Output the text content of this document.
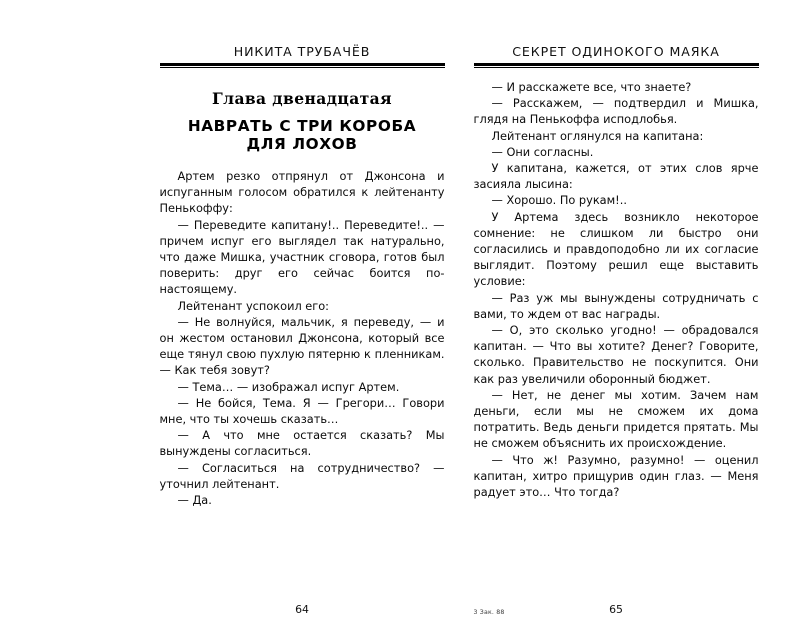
НИКИТА ТРУБАЧЁВ
Глава двенадцатая
НАВРАТЬ С ТРИ КОРОБА
ДЛЯ ЛОХОВ

Артем резко отпрянул от Джонсона и испуганным голосом обратился к лейтенанту Пенькоффу:

— Переведите капитану!.. Переведите!.. — причем испуг его выглядел так натурально, что даже Мишка, участник сговора, готов был поверить: друг его сейчас боится по-настоящему.

Лейтенант успокоил его:

— Не волнуйся, мальчик, я переведу, — и он жестом остановил Джонсона, который все еще тянул свою пухлую пятерню к пленникам. — Как тебя зовут?

— Тема… — изображал испуг Артем.

— Не бойся, Тема. Я — Грегори… Говори мне, что ты хочешь сказать…

— А что мне остается сказать? Мы вынуждены согласиться.

— Согласиться на сотрудничество? — уточнил лейтенант.

— Да.

64
СЕКРЕТ ОДИНОКОГО МАЯКА

— И расскажете все, что знаете?

— Расскажем, — подтвердил и Мишка, глядя на Пенькоффа исподлобья.

Лейтенант оглянулся на капитана:

— Они согласны.

У капитана, кажется, от этих слов ярче засияла лысина:

— Хорошо. По рукам!..

У Артема здесь возникло некоторое сомнение: не слишком ли быстро они согласились и правдоподобно ли их согласие выглядит. Поэтому решил еще выставить условие:

— Раз уж мы вынуждены сотрудничать с вами, то ждем от вас награды.

— О, это сколько угодно! — обрадовался капитан. — Что вы хотите? Денег? Говорите, сколько. Правительство не поскупится. Они как раз увеличили оборонный бюджет.

— Нет, не денег мы хотим. Зачем нам деньги, если мы не сможем их дома потратить. Ведь деньги придется прятать. Мы не сможем объяснить их происхождение.

— Что ж! Разумно, разумно! — оценил капитан, хитро прищурив один глаз. — Меня радует это… Что тогда?

3 Зак. 88	65
